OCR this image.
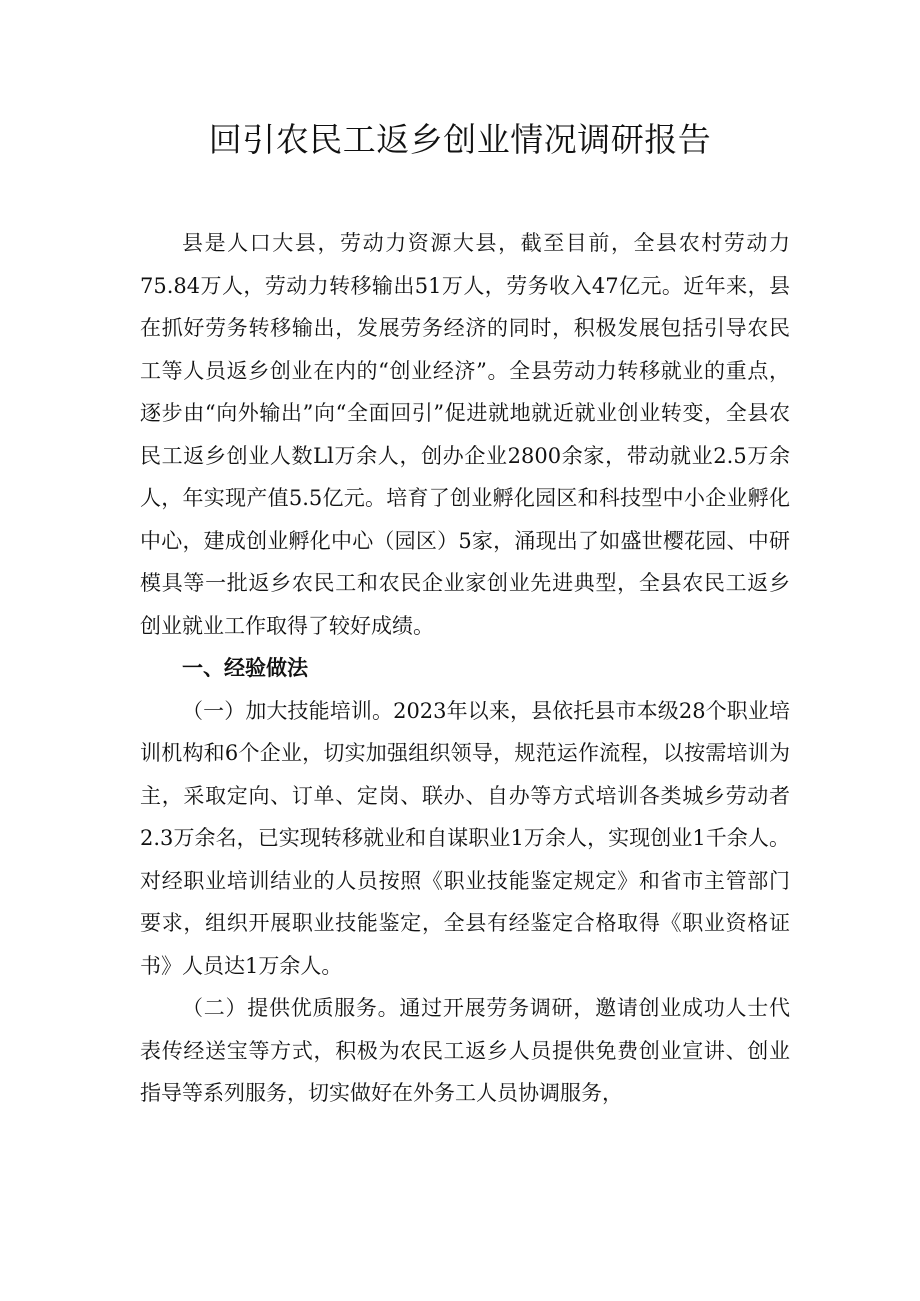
回引农民工返乡创业情况调研报告

县是人口大县，劳动力资源大县，截至目前，全县农村劳动力75.84万人，劳动力转移输出51万人，劳务收入47亿元。近年来，县在抓好劳务转移输出，发展劳务经济的同时，积极发展包括引导农民工等人员返乡创业在内的“创业经济”。全县劳动力转移就业的重点，逐步由“向外输出”向“全面回引”促进就地就近就业创业转变，全县农民工返乡创业人数Ll万余人，创办企业2800余家，带动就业2.5万余人，年实现产值5.5亿元。培育了创业孵化园区和科技型中小企业孵化中心，建成创业孵化中心（园区）5家，涌现出了如盛世樱花园、中研模具等一批返乡农民工和农民企业家创业先进典型，全县农民工返乡创业就业工作取得了较好成绩。

一、经验做法

（一）加大技能培训。2023年以来，县依托县市本级28个职业培训机构和6个企业，切实加强组织领导，规范运作流程，以按需培训为主，采取定向、订单、定岗、联办、自办等方式培训各类城乡劳动者2.3万余名，已实现转移就业和自谋职业1万余人，实现创业1千余人。对经职业培训结业的人员按照《职业技能鉴定规定》和省市主管部门要求，组织开展职业技能鉴定，全县有经鉴定合格取得《职业资格证书》人员达1万余人。

（二）提供优质服务。通过开展劳务调研，邀请创业成功人士代表传经送宝等方式，积极为农民工返乡人员提供免费创业宣讲、创业指导等系列服务，切实做好在外务工人员协调服务，
